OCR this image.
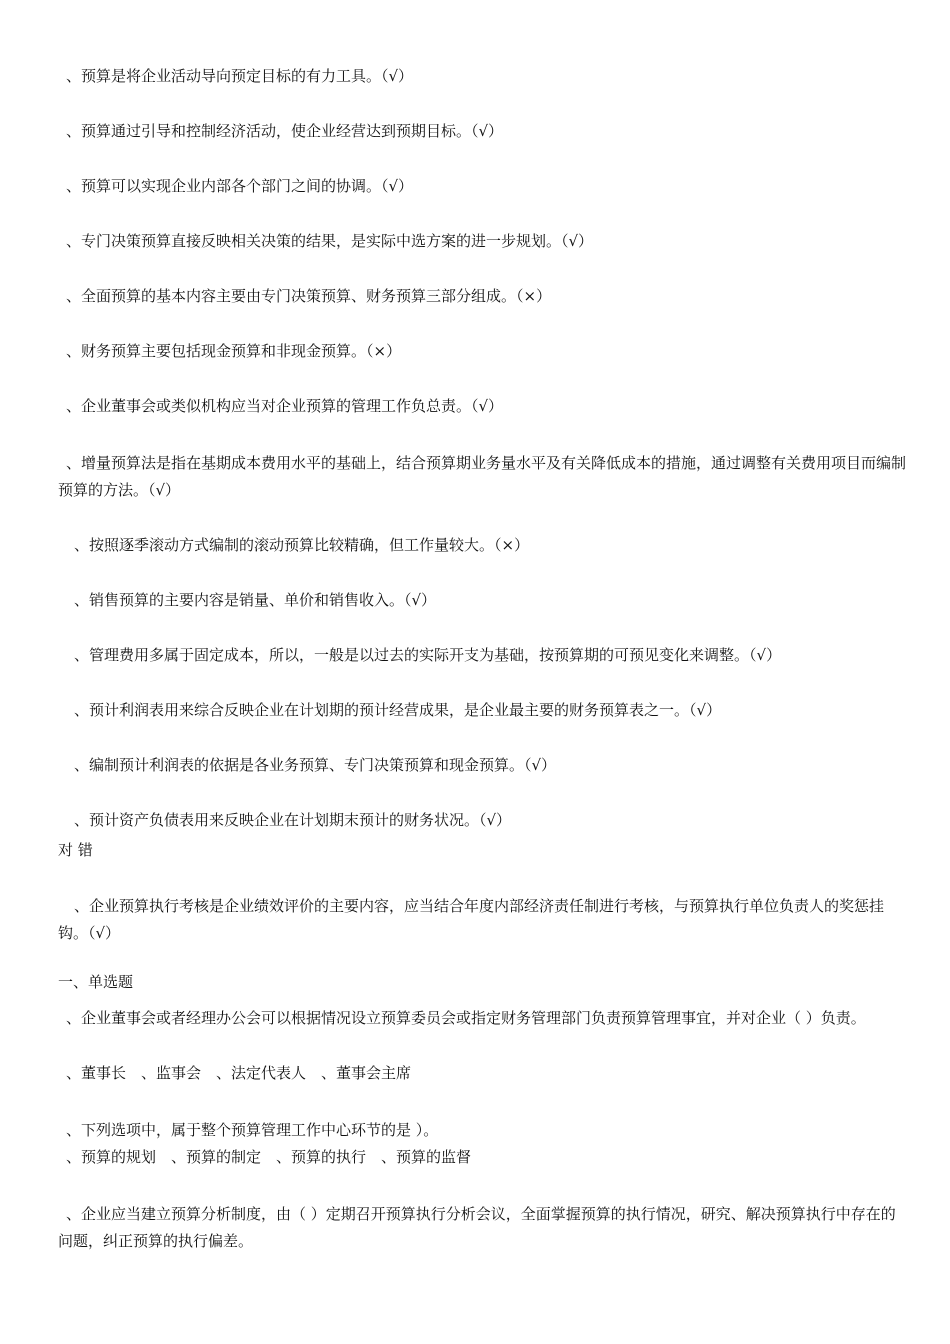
、预算是将企业活动导向预定目标的有力工具。（√）
、预算通过引导和控制经济活动，使企业经营达到预期目标。（√）
、预算可以实现企业内部各个部门之间的协调。（√）
、专门决策预算直接反映相关决策的结果，是实际中选方案的进一步规划。（√）
、全面预算的基本内容主要由专门决策预算、财务预算三部分组成。（×）
、财务预算主要包括现金预算和非现金预算。（×）
、企业董事会或类似机构应当对企业预算的管理工作负总责。（√）
、增量预算法是指在基期成本费用水平的基础上，结合预算期业务量水平及有关降低成本的措施，通过调整有关费用项目而编制预算的方法。（√）
、按照逐季滚动方式编制的滚动预算比较精确，但工作量较大。（×）
、销售预算的主要内容是销量、单价和销售收入。（√）
、管理费用多属于固定成本，所以，一般是以过去的实际开支为基础，按预算期的可预见变化来调整。（√）
、预计利润表用来综合反映企业在计划期的预计经营成果，是企业最主要的财务预算表之一。（√）
、编制预计利润表的依据是各业务预算、专门决策预算和现金预算。（√）
、预计资产负债表用来反映企业在计划期末预计的财务状况。（√）
对 错
、企业预算执行考核是企业绩效评价的主要内容，应当结合年度内部经济责任制进行考核，与预算执行单位负责人的奖惩挂钩。（√）
一、单选题
、企业董事会或者经理办公会可以根据情况设立预算委员会或指定财务管理部门负责预算管理事宜，并对企业（ ）负责。
、董事长　、监事会　、法定代表人　、董事会主席
、下列选项中，属于整个预算管理工作中心环节的是 ）。
、预算的规划　、预算的制定　、预算的执行　、预算的监督
、企业应当建立预算分析制度，由（ ）定期召开预算执行分析会议，全面掌握预算的执行情况，研究、解决预算执行中存在的问题，纠正预算的执行偏差。
